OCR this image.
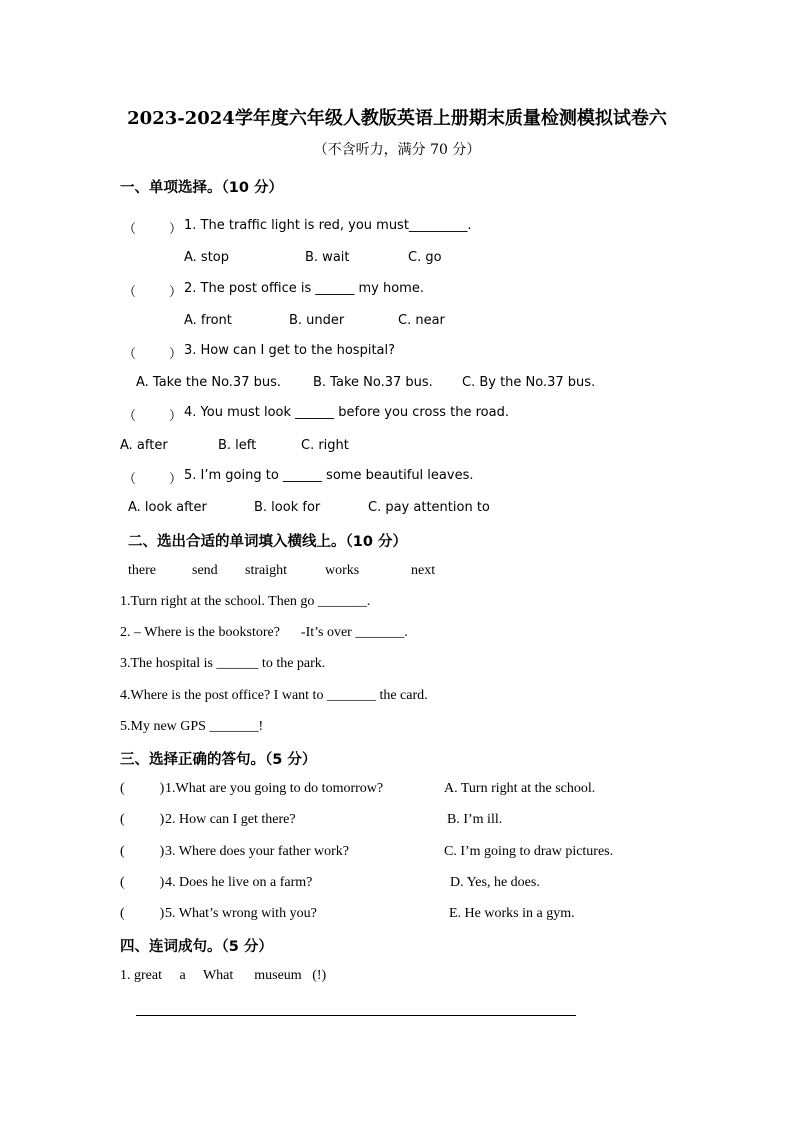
2023-2024学年度六年级人教版英语上册期末质量检测模拟试卷六
（不含听力，满分 70 分）
一、单项选择。（10 分）
（        ） 1. The traffic light is red, you must_________.
A. stop	B. wait	C. go
（        ） 2. The post office is ______ my home.
A. front	B. under	C. near
（        ） 3. How can I get to the hospital?
A. Take the No.37 bus. B. Take No.37 bus. C. By the No.37 bus.
（        ） 4. You must look ______ before you cross the road.
A. after	B. left	C. right
（        ） 5. I’m going to ______ some beautiful leaves.
A. look after	B. look for	C. pay attention to
二、选出合适的单词填入横线上。（10 分）
there	send straight	works	next
1.Turn right at the school. Then go _______.
2. – Where is the bookstore?      -It’s over _______.
3.The hospital is ______ to the park.
4.Where is the post office? I want to _______ the card.
5.My new GPS _______!
三、选择正确的答句。（5 分）
(          ) 1.What are you going to do tomorrow?	A. Turn right at the school.
(          ) 2. How can I get there?	B. I’m ill.
(          ) 3. Where does your father work?	C. I’m going to draw pictures.
(          ) 4. Does he live on a farm?	D. Yes, he does.
(          ) 5. What’s wrong with you?	E. He works in a gym.
四、连词成句。（5 分）
1. great     a     What      museum   (!)
